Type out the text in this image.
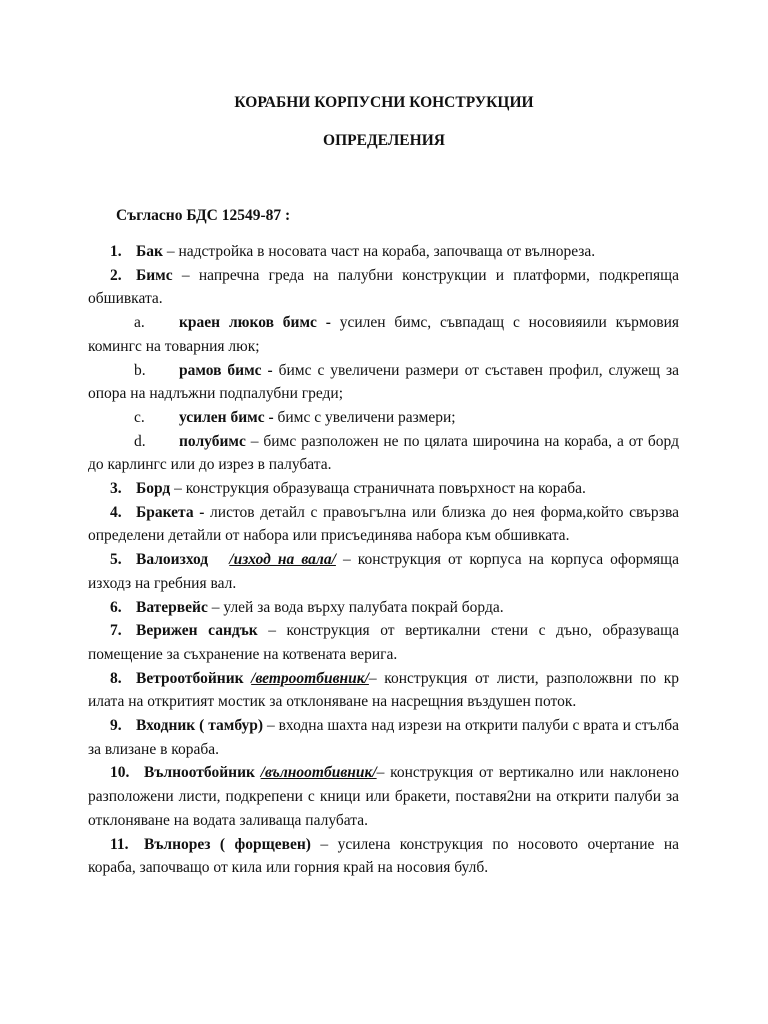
КОРАБНИ КОРПУСНИ КОНСТРУКЦИИ
ОПРЕДЕЛЕНИЯ
Съгласно БДС 12549-87 :
1. Бак – надстройка в носовата част на кораба, започваща от вълнореза.
2. Бимс – напречна греда на палубни конструкции и платформи, подкрепяща обшивката.
a. краен люков бимс - усилен бимс, съвпадащ с носовияили кърмовия комингс на товарния люк;
b. рамов бимс - бимс с увеличени размери от съставен профил, служещ за опора на надлъжни подпалубни греди;
c. усилен бимс - бимс с увеличени размери;
d. полубимс – бимс разположен не по цялата широчина на кораба, а от борд до карлингс или до изрез в палубата.
3. Борд – конструкция образуваща страничната повърхност на кораба.
4. Бракета - листов детайл с правоъгълна или близка до нея форма,който свързва определени детайли от набора или присъединява набора към обшивката.
5. Валоизход /изход на вала/ – конструкция от корпуса на корпуса оформяща изходз на гребния вал.
6. Ватервейс – улей за вода върху палубата покрай борда.
7. Верижен сандък – конструкция от вертикални стени с дъно, образуваща помещение за съхранение на котвената верига.
8. Ветроотбойник /ветроотбивник/– конструкция от листи, разположвни по кр илата на откритият мостик за отклоняване на насрещния въздушен поток.
9. Входник ( тамбур) – входна шахта над изрези на открити палуби с врата и стълба за влизане в кораба.
10. Вълноотбойник /вълноотбивник/– конструкция от вертикално или наклонено разположени листи, подкрепени с кници или бракети, поставя2ни на открити палуби за отклоняване на водата заливаща палубата.
11. Вълнорез ( форщевен) – усилена конструкция по носовото очертание на кораба, започващо от кила или горния край на носовия булб.
